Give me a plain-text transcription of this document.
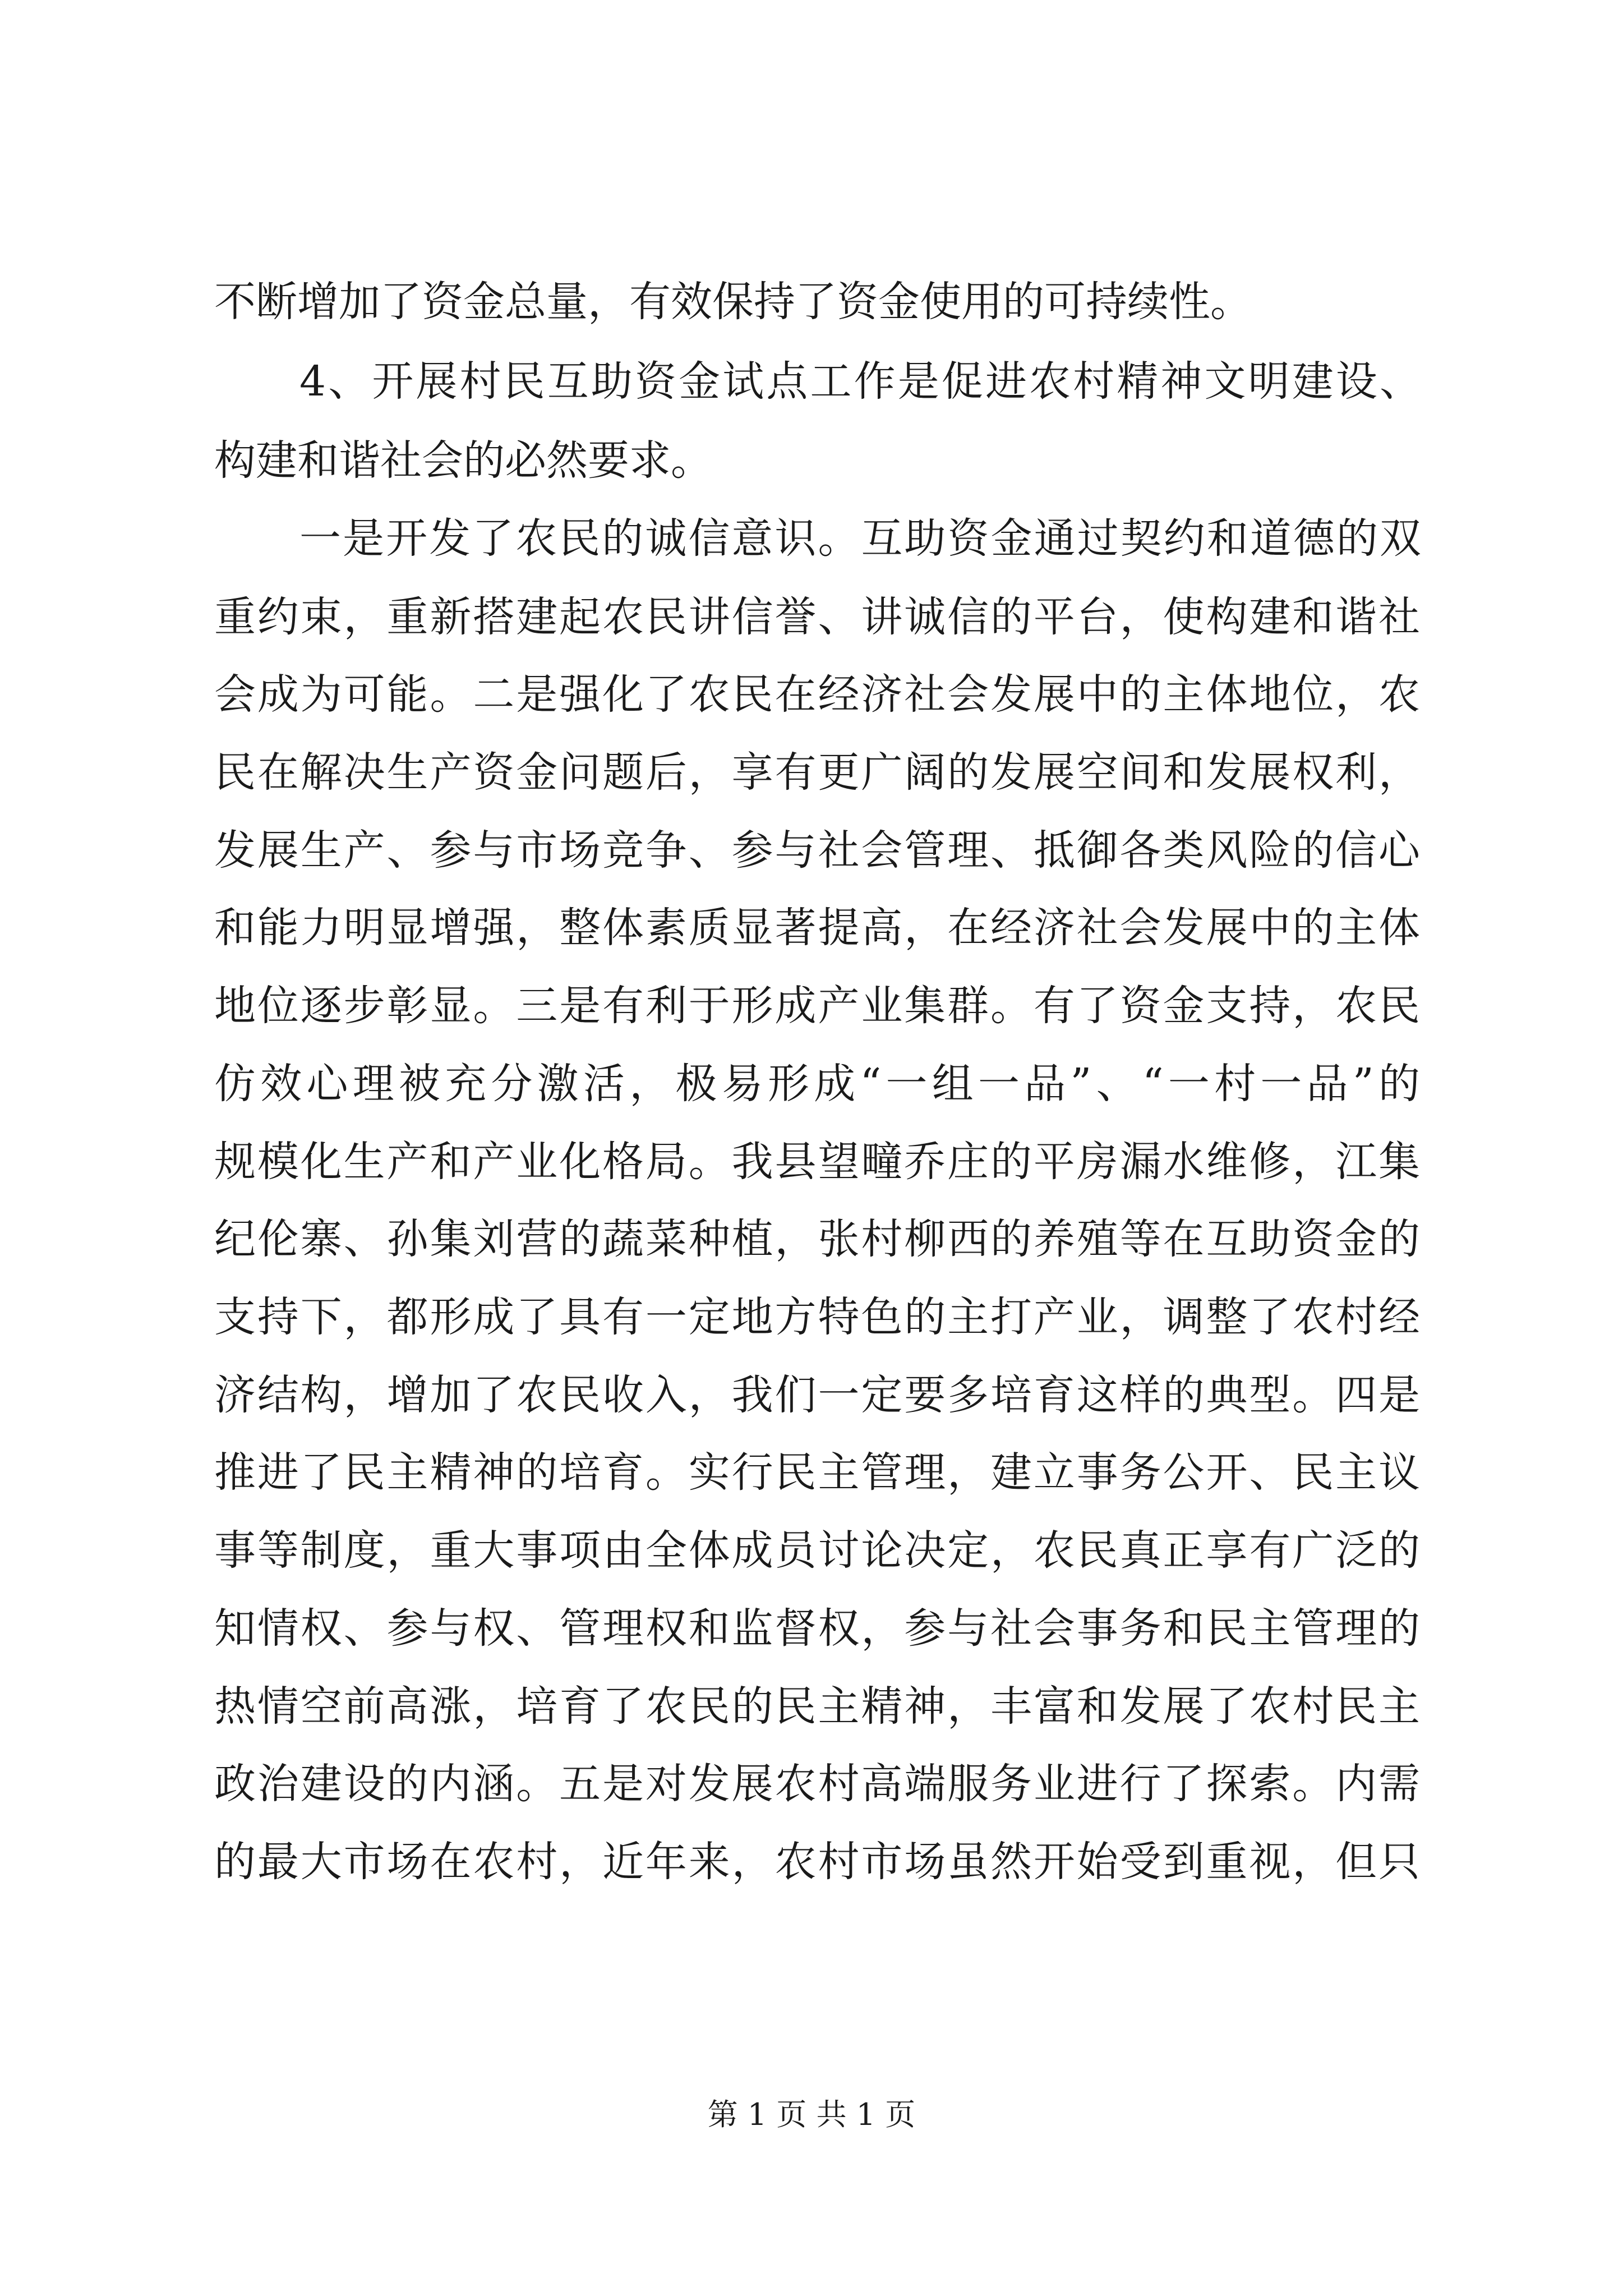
不断增加了资金总量，有效保持了资金使用的可持续性。

4、开展村民互助资金试点工作是促进农村精神文明建设、

构建和谐社会的必然要求。

一是开发了农民的诚信意识。互助资金通过契约和道德的双

重约束，重新搭建起农民讲信誉、讲诚信的平台，使构建和谐社

会成为可能。二是强化了农民在经济社会发展中的主体地位，农

民在解决生产资金问题后，享有更广阔的发展空间和发展权利，

发展生产、参与市场竞争、参与社会管理、抵御各类风险的信心

和能力明显增强，整体素质显著提高，在经济社会发展中的主体

地位逐步彰显。三是有利于形成产业集群。有了资金支持，农民

仿效心理被充分激活，极易形成“一组一品”、“一村一品”的

规模化生产和产业化格局。我县望疃乔庄的平房漏水维修，江集

纪伦寨、孙集刘营的蔬菜种植，张村柳西的养殖等在互助资金的

支持下，都形成了具有一定地方特色的主打产业，调整了农村经

济结构，增加了农民收入，我们一定要多培育这样的典型。四是

推进了民主精神的培育。实行民主管理，建立事务公开、民主议

事等制度，重大事项由全体成员讨论决定，农民真正享有广泛的

知情权、参与权、管理权和监督权，参与社会事务和民主管理的

热情空前高涨，培育了农民的民主精神，丰富和发展了农村民主

政治建设的内涵。五是对发展农村高端服务业进行了探索。内需

的最大市场在农村，近年来，农村市场虽然开始受到重视，但只

第 1 页 共 1 页
